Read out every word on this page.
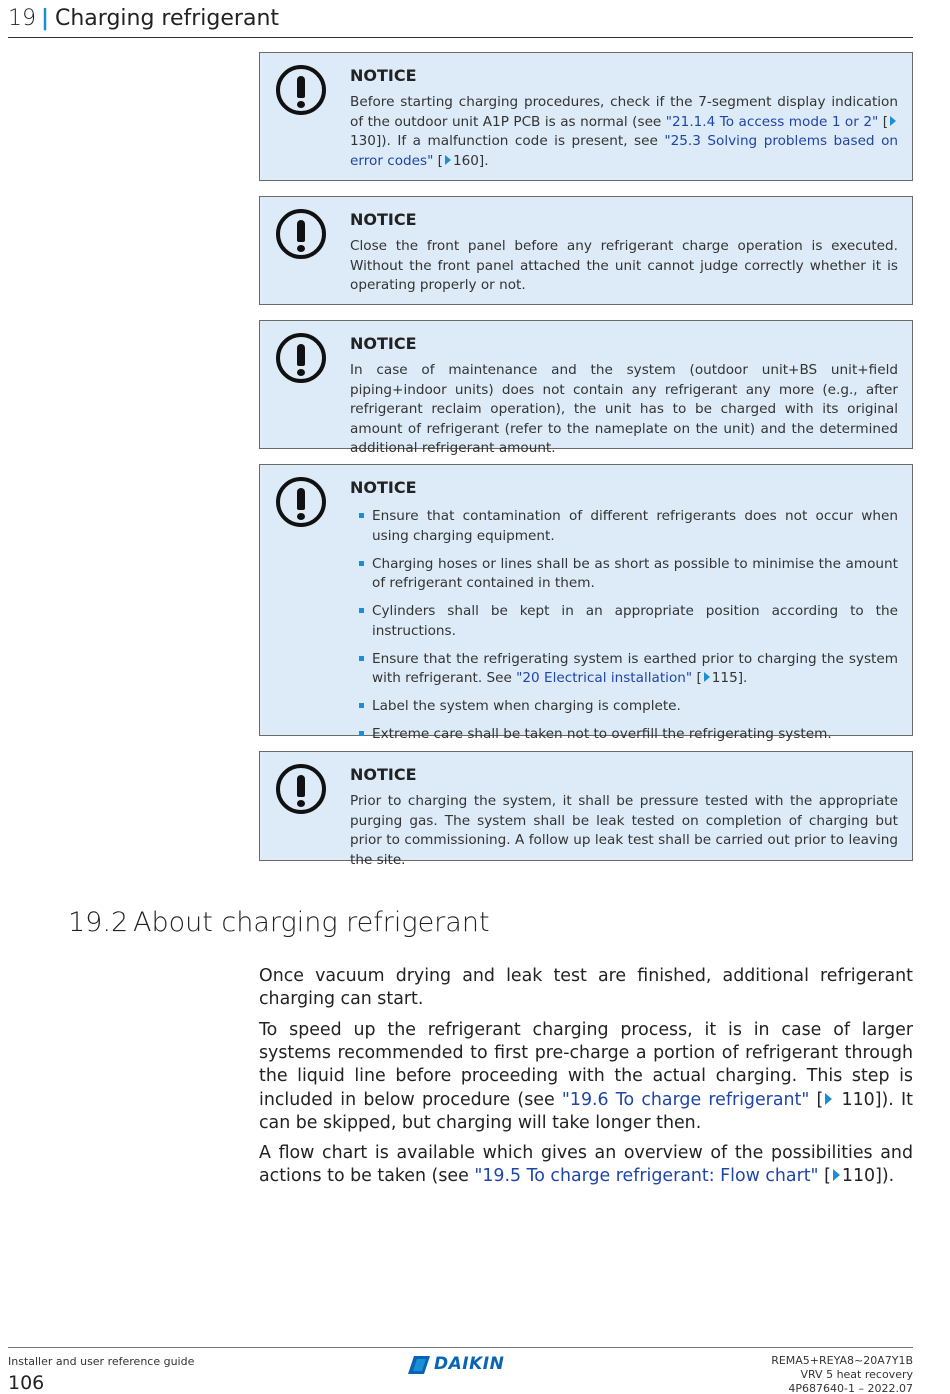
19 | Charging refrigerant
NOTICE
Before starting charging procedures, check if the 7-segment display indication of the outdoor unit A1P PCB is as normal (see "21.1.4 To access mode 1 or 2" [130]). If a malfunction code is present, see "25.3 Solving problems based on error codes" [ 160].
NOTICE
Close the front panel before any refrigerant charge operation is executed. Without the front panel attached the unit cannot judge correctly whether it is operating properly or not.
NOTICE
In case of maintenance and the system (outdoor unit+BS unit+field piping+indoor units) does not contain any refrigerant any more (e.g., after refrigerant reclaim operation), the unit has to be charged with its original amount of refrigerant (refer to the nameplate on the unit) and the determined additional refrigerant amount.
NOTICE
Ensure that contamination of different refrigerants does not occur when using charging equipment.
Charging hoses or lines shall be as short as possible to minimise the amount of refrigerant contained in them.
Cylinders shall be kept in an appropriate position according to the instructions.
Ensure that the refrigerating system is earthed prior to charging the system with refrigerant. See "20 Electrical installation" [ 115].
Label the system when charging is complete.
Extreme care shall be taken not to overfill the refrigerating system.
NOTICE
Prior to charging the system, it shall be pressure tested with the appropriate purging gas. The system shall be leak tested on completion of charging but prior to commissioning. A follow up leak test shall be carried out prior to leaving the site.
19.2 About charging refrigerant
Once vacuum drying and leak test are finished, additional refrigerant charging can start.
To speed up the refrigerant charging process, it is in case of larger systems recommended to first pre-charge a portion of refrigerant through the liquid line before proceeding with the actual charging. This step is included in below procedure (see "19.6 To charge refrigerant" [ 110]). It can be skipped, but charging will take longer then.
A flow chart is available which gives an overview of the possibilities and actions to be taken (see "19.5 To charge refrigerant: Flow chart" [ 110]).
Installer and user reference guide
106
DAIKIN	REMA5+REYA8~20A7Y1B
VRV 5 heat recovery
4P687640-1 – 2022.07
